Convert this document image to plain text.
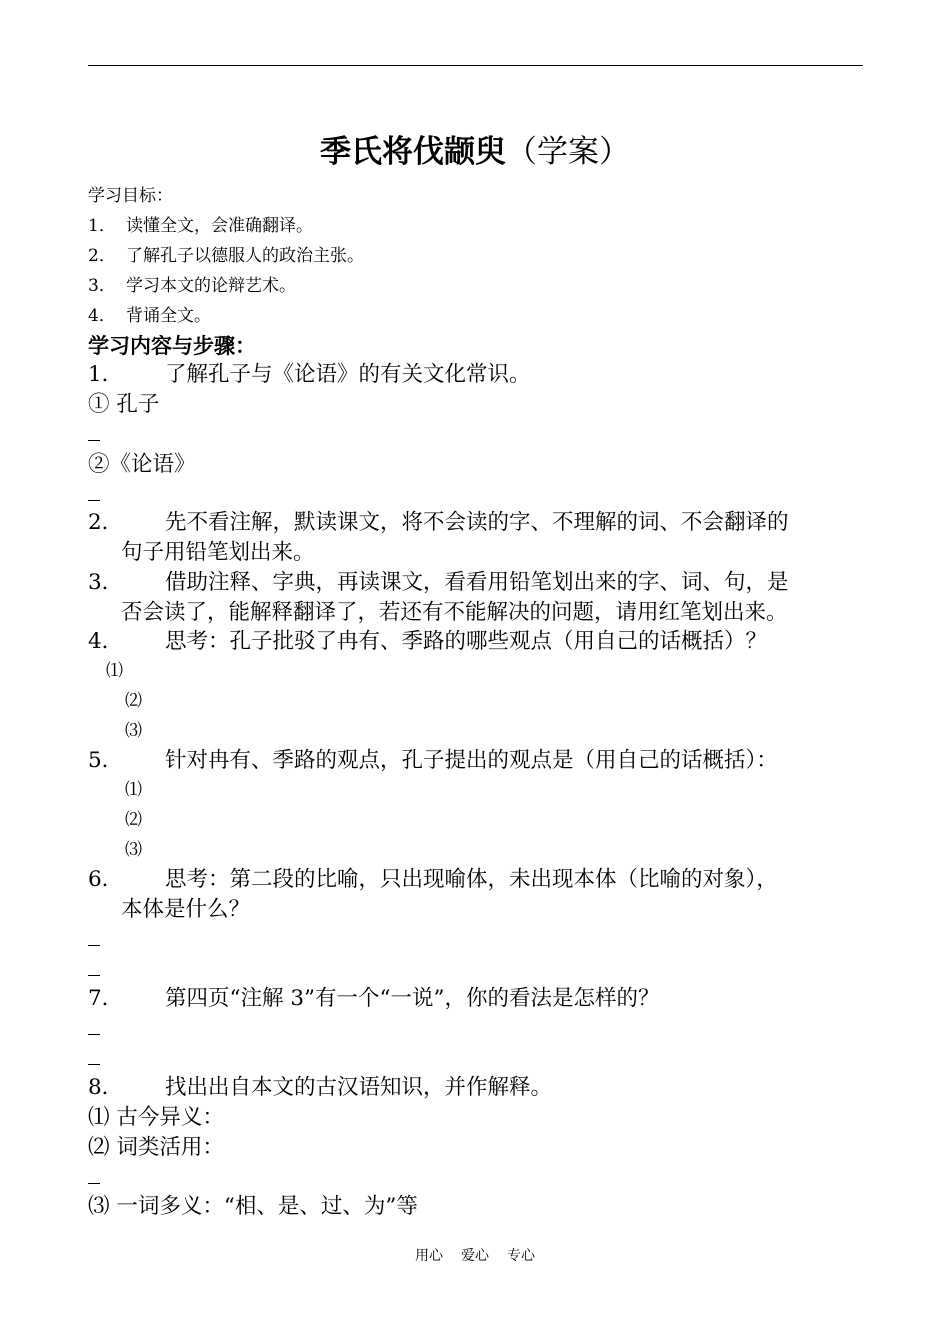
季氏将伐颛臾（学案）
学习目标：
1． 读懂全文，会准确翻译。
2． 了解孔子以德服人的政治主张。
3． 学习本文的论辩艺术。
4． 背诵全文。
学习内容与步骤：
1． 了解孔子与《论语》的有关文化常识。
① 孔子
②《论语》
2． 先不看注解，默读课文，将不会读的字、不理解的词、不会翻译的
句子用铅笔划出来。
3． 借助注释、字典，再读课文，看看用铅笔划出来的字、词、句，是
否会读了，能解释翻译了，若还有不能解决的问题，请用红笔划出来。
4． 思考：孔子批驳了冉有、季路的哪些观点（用自己的话概括）？
⑴
⑵
⑶
5． 针对冉有、季路的观点，孔子提出的观点是（用自己的话概括）：
⑴
⑵
⑶
6． 思考：第二段的比喻，只出现喻体，未出现本体（比喻的对象），
本体是什么？
7． 第四页“注解 3”有一个“一说”，你的看法是怎样的？
8． 找出出自本文的古汉语知识，并作解释。
⑴ 古今异义：
⑵ 词类活用：
⑶ 一词多义：“相、是、过、为”等
用心 爱心 专心
